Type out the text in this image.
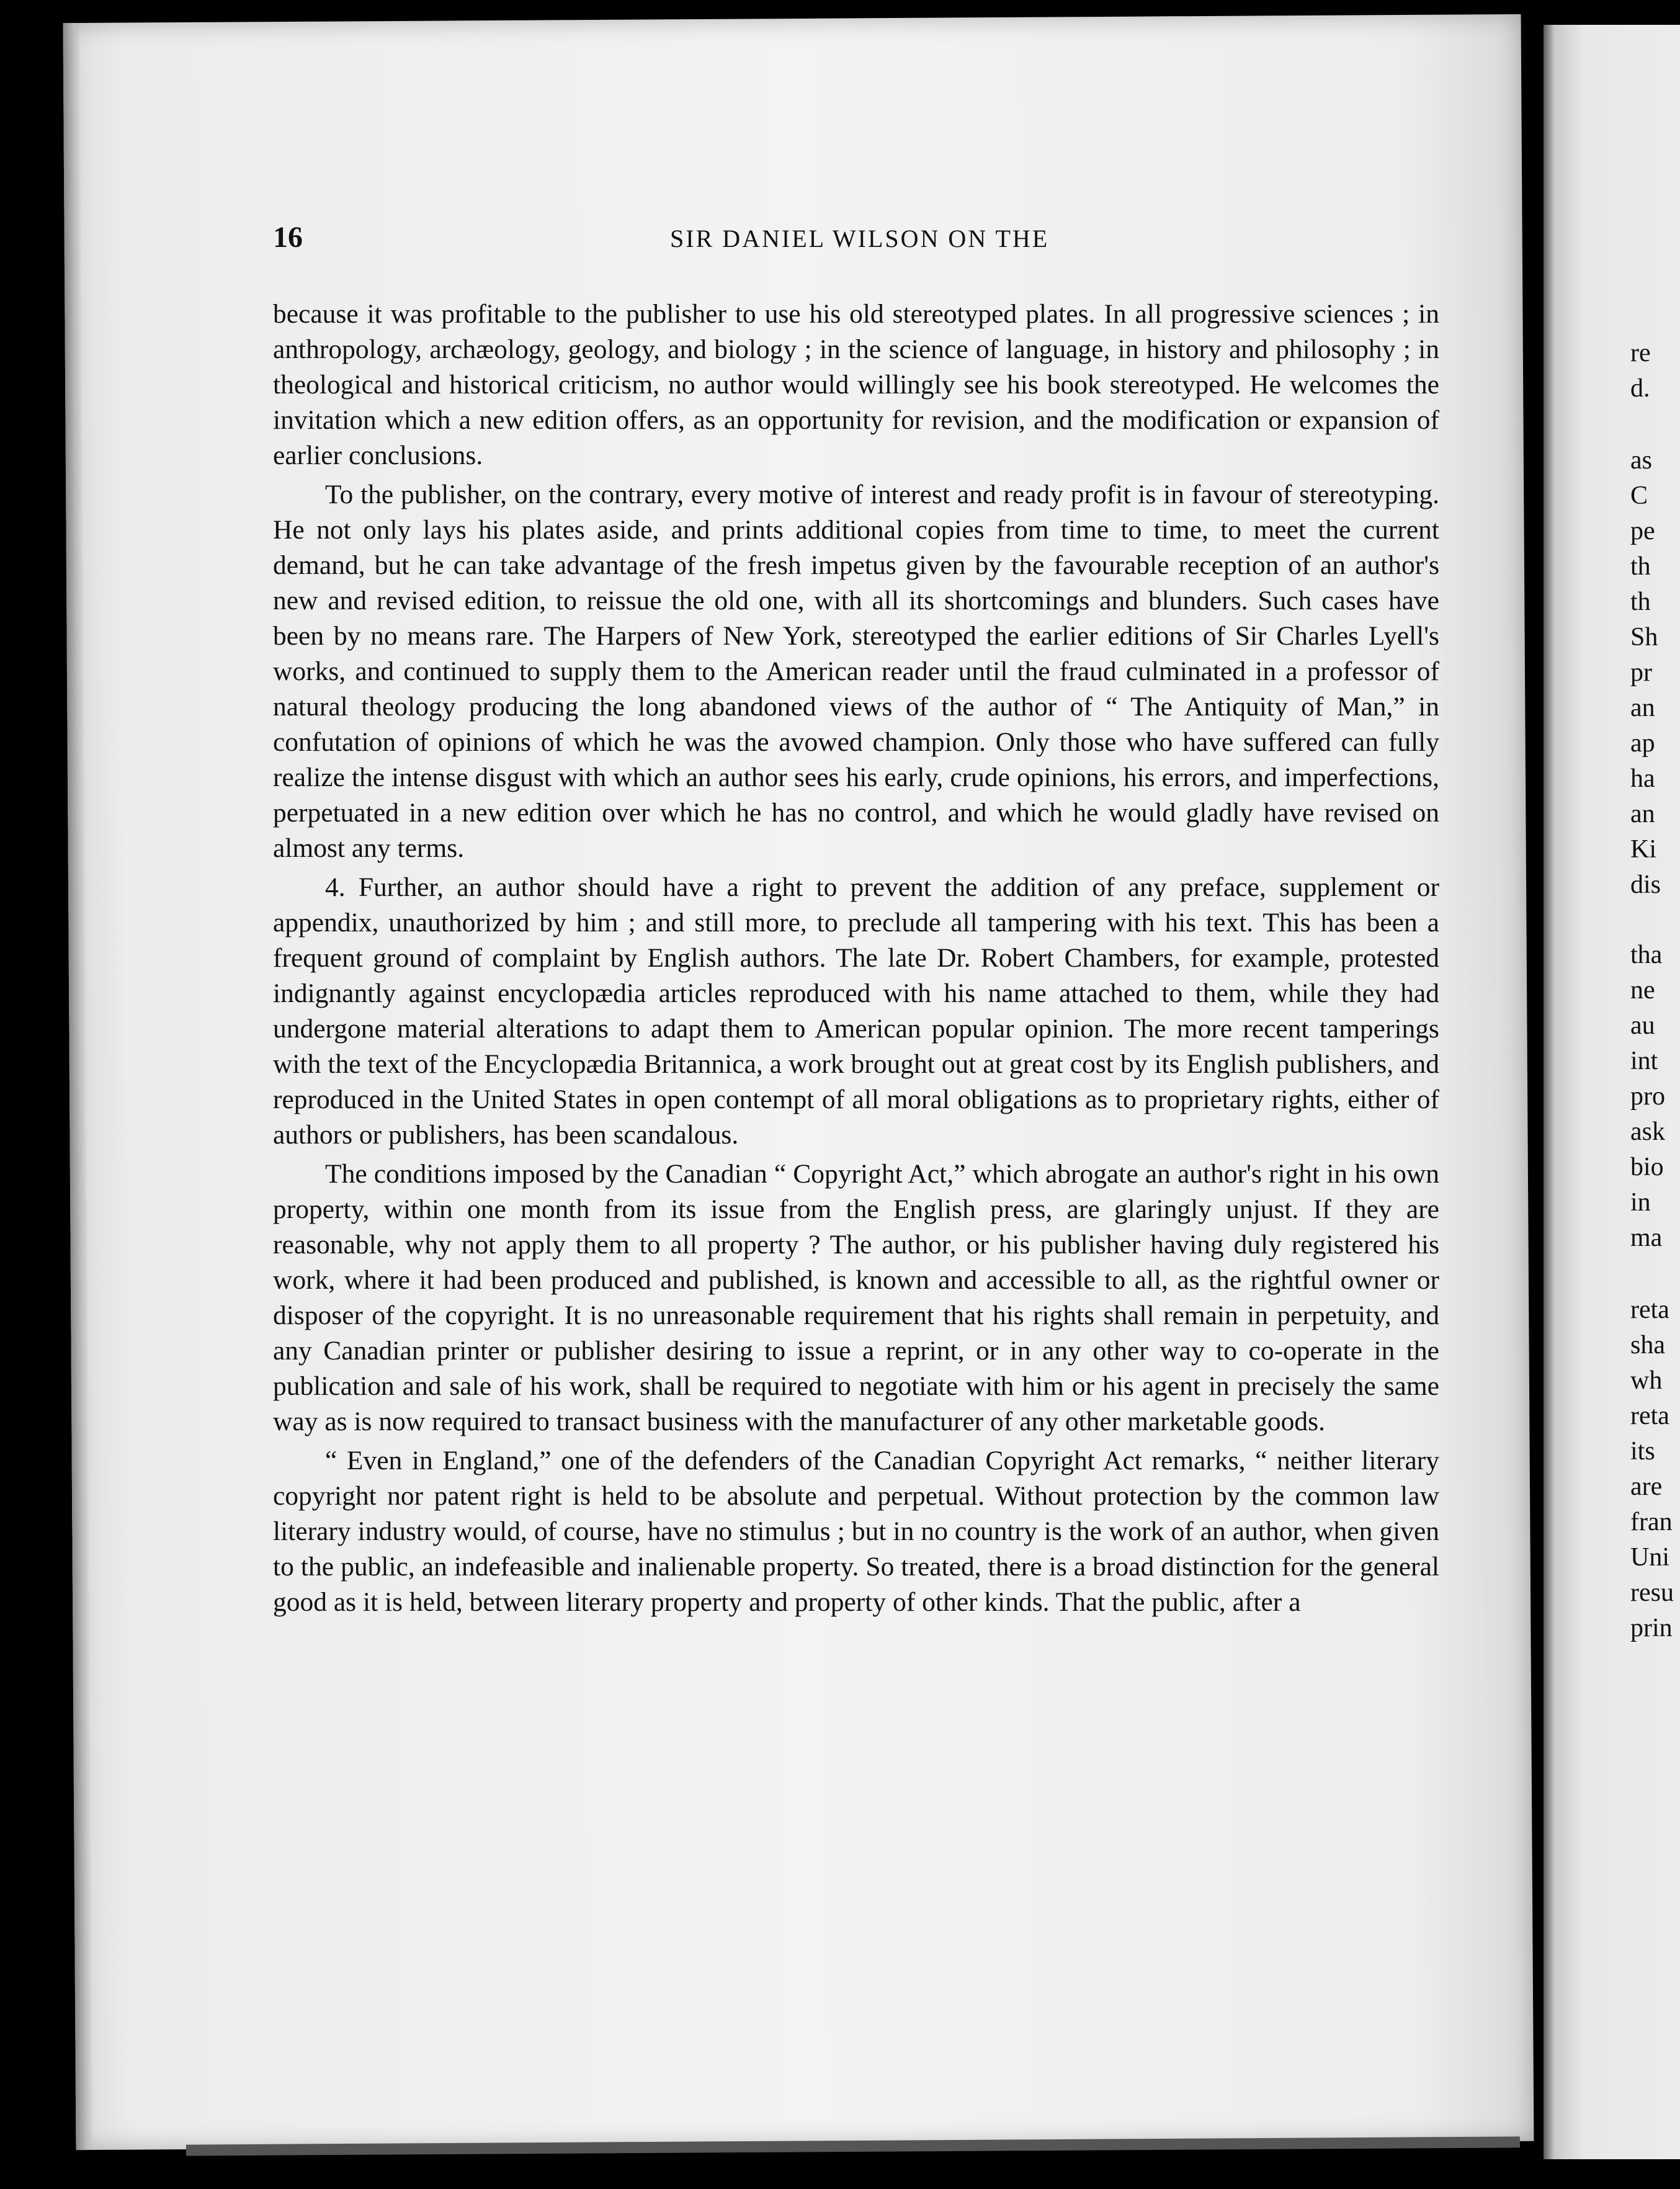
re
d.
as
C
pe
th
th
Sh
pr
an
ap
ha
an
Ki
dis
tha
ne
au
int
pro
ask
bio
in
ma
reta
sha
wh
reta
its
are
fran
Uni
resu
prin
16	SIR DANIEL WILSON ON THE

because it was profitable to the publisher to use his old stereotyped plates. In all progressive sciences ; in anthropology, archæology, geology, and biology ; in the science of language, in history and philosophy ; in theological and historical criticism, no author would willingly see his book stereotyped. He welcomes the invitation which a new edition offers, as an opportunity for revision, and the modification or expansion of earlier conclusions.

To the publisher, on the contrary, every motive of interest and ready profit is in favour of stereotyping. He not only lays his plates aside, and prints additional copies from time to time, to meet the current demand, but he can take advantage of the fresh impetus given by the favourable reception of an author's new and revised edition, to reissue the old one, with all its shortcomings and blunders. Such cases have been by no means rare. The Harpers of New York, stereotyped the earlier editions of Sir Charles Lyell's works, and continued to supply them to the American reader until the fraud culminated in a professor of natural theology producing the long abandoned views of the author of “ The Antiquity of Man,” in confutation of opinions of which he was the avowed champion. Only those who have suffered can fully realize the intense disgust with which an author sees his early, crude opinions, his errors, and imperfections, perpetuated in a new edition over which he has no control, and which he would gladly have revised on almost any terms.

4. Further, an author should have a right to prevent the addition of any preface, supplement or appendix, unauthorized by him ; and still more, to preclude all tampering with his text. This has been a frequent ground of complaint by English authors. The late Dr. Robert Chambers, for example, protested indignantly against encyclopædia articles reproduced with his name attached to them, while they had undergone material alterations to adapt them to American popular opinion. The more recent tamperings with the text of the Encyclopædia Britannica, a work brought out at great cost by its English publishers, and reproduced in the United States in open contempt of all moral obligations as to proprietary rights, either of authors or publishers, has been scandalous.

The conditions imposed by the Canadian “ Copyright Act,” which abrogate an author's right in his own property, within one month from its issue from the English press, are glaringly unjust. If they are reasonable, why not apply them to all property ? The author, or his publisher having duly registered his work, where it had been produced and published, is known and accessible to all, as the rightful owner or disposer of the copyright. It is no unreasonable requirement that his rights shall remain in perpetuity, and any Canadian printer or publisher desiring to issue a reprint, or in any other way to co-operate in the publication and sale of his work, shall be required to negotiate with him or his agent in precisely the same way as is now required to transact business with the manufacturer of any other marketable goods.

“ Even in England,” one of the defenders of the Canadian Copyright Act remarks, “ neither literary copyright nor patent right is held to be absolute and perpetual. Without protection by the common law literary industry would, of course, have no stimulus ; but in no country is the work of an author, when given to the public, an indefeasible and inalienable property. So treated, there is a broad distinction for the general good as it is held, between literary property and property of other kinds. That the public, after a
